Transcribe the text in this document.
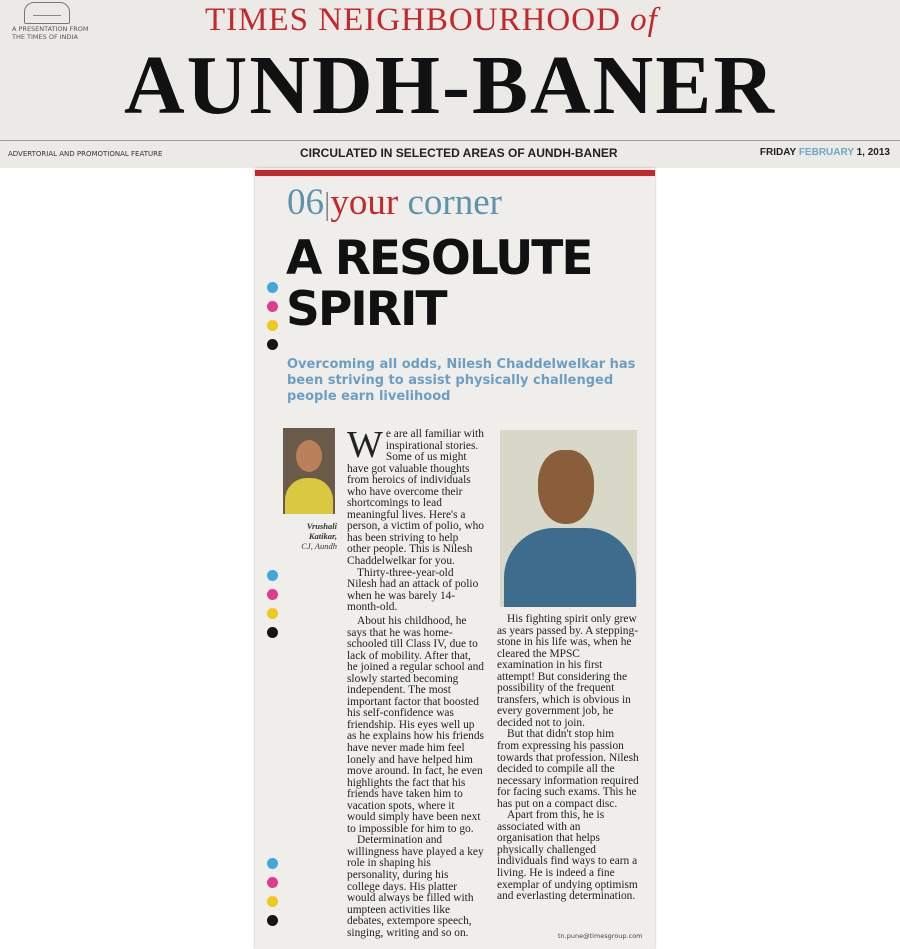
A PRESENTATION FROM THE TIMES OF INDIA	TIMES NEIGHBOURHOOD of
AUNDH-BANER
ADVERTORIAL AND PROMOTIONAL FEATURE	CIRCULATED IN SELECTED AREAS OF AUNDH-BANER	FRIDAY FEBRUARY 1, 2013
06|your corner
A RESOLUTE SPIRIT
Overcoming all odds, Nilesh Chaddelwelkar has been striving to assist physically challenged people earn livelihood
Vrushali Katikar,
CJ, Aundh

We are all familiar with inspirational stories. Some of us might have got valuable thoughts from heroics of individuals who have overcome their shortcomings to lead meaningful lives. Here's a person, a victim of polio, who has been striving to help other people. This is Nilesh Chaddelwelkar for you.

Thirty-three-year-old Nilesh had an attack of polio when he was barely 14-month-old.

About his childhood, he says that he was home-schooled till Class IV, due to lack of mobility. After that, he joined a regular school and slowly started becoming independent. The most important factor that boosted his self-confidence was friendship. His eyes well up as he explains how his friends have never made him feel lonely and have helped him move around. In fact, he even highlights the fact that his friends have taken him to vacation spots, where it would simply have been next to impossible for him to go.

Determination and willingness have played a key role in shaping his personality, during his college days. His platter would always be filled with umpteen activities like debates, extempore speech, singing, writing and so on.

His fighting spirit only grew as years passed by. A stepping-stone in his life was, when he cleared the MPSC examination in his first attempt! But considering the possibility of the frequent transfers, which is obvious in every government job, he decided not to join.

But that didn't stop him from expressing his passion towards that profession. Nilesh decided to compile all the necessary information required for facing such exams. This he has put on a compact disc.

Apart from this, he is associated with an organisation that helps physically challenged individuals find ways to earn a living. He is indeed a fine exemplar of undying optimism and everlasting determination.

tn.pune@timesgroup.com
